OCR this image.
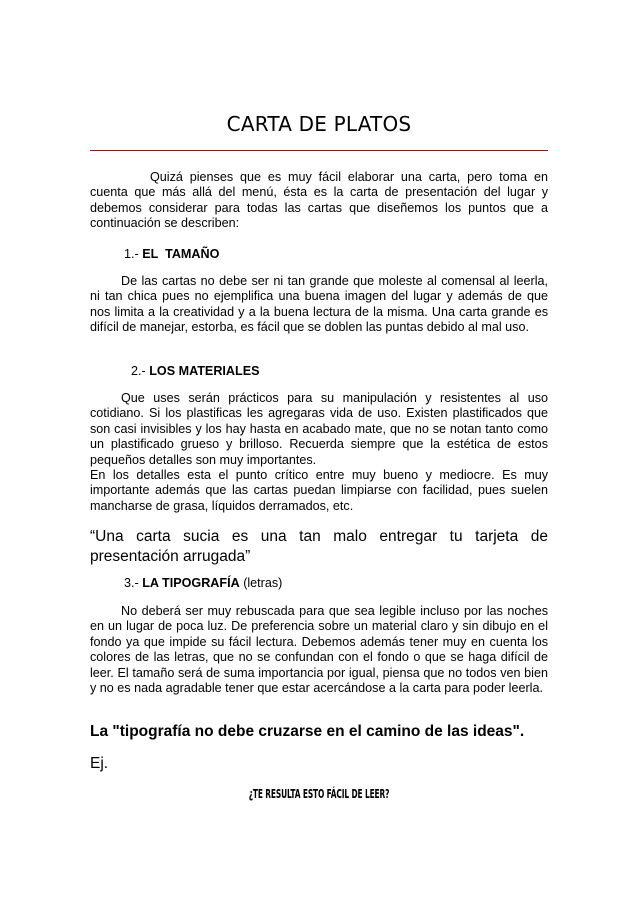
CARTA DE PLATOS

Quizá pienses que es muy fácil elaborar una carta, pero toma en cuenta que más allá del menú, ésta es la carta de presentación del lugar y debemos considerar para todas las cartas que diseñemos los puntos que a continuación se describen:

1.- EL  TAMAÑO

De las cartas no debe ser ni tan grande que moleste al comensal al leerla, ni tan chica pues no ejemplifica una buena imagen del lugar y además de que nos limita a la creatividad y a la buena lectura de la misma. Una carta grande es difícil de manejar, estorba, es fácil que se doblen las puntas debido al mal uso.

2.- LOS MATERIALES

Que uses serán prácticos para su manipulación y resistentes al uso cotidiano. Si los plastificas les agregaras vida de uso. Existen plastificados que son casi invisibles y los hay hasta en acabado mate, que no se notan tanto como un plastificado grueso y brilloso. Recuerda siempre que la estética de estos pequeños detalles son muy importantes.

En los detalles esta el punto crítico entre muy bueno y mediocre. Es muy importante además que las cartas puedan limpiarse con facilidad, pues suelen mancharse de grasa, líquidos derramados, etc.

“Una carta sucia es una tan malo entregar tu tarjeta de presentación arrugada”

3.- LA TIPOGRAFÍA (letras)

No deberá ser muy rebuscada para que sea legible incluso por las noches en un lugar de poca luz. De preferencia sobre un material claro y sin dibujo en el fondo ya que impide su fácil lectura. Debemos además tener muy en cuenta los colores de las letras, que no se confundan con el fondo o que se haga difícil de leer. El tamaño será de suma importancia por igual, piensa que no todos ven bien y no es nada agradable tener que estar acercándose a la carta para poder leerla.

La "tipografía no debe cruzarse en el camino de las ideas".
Ej.
¿TE RESULTA ESTO FÁCIL DE LEER?
